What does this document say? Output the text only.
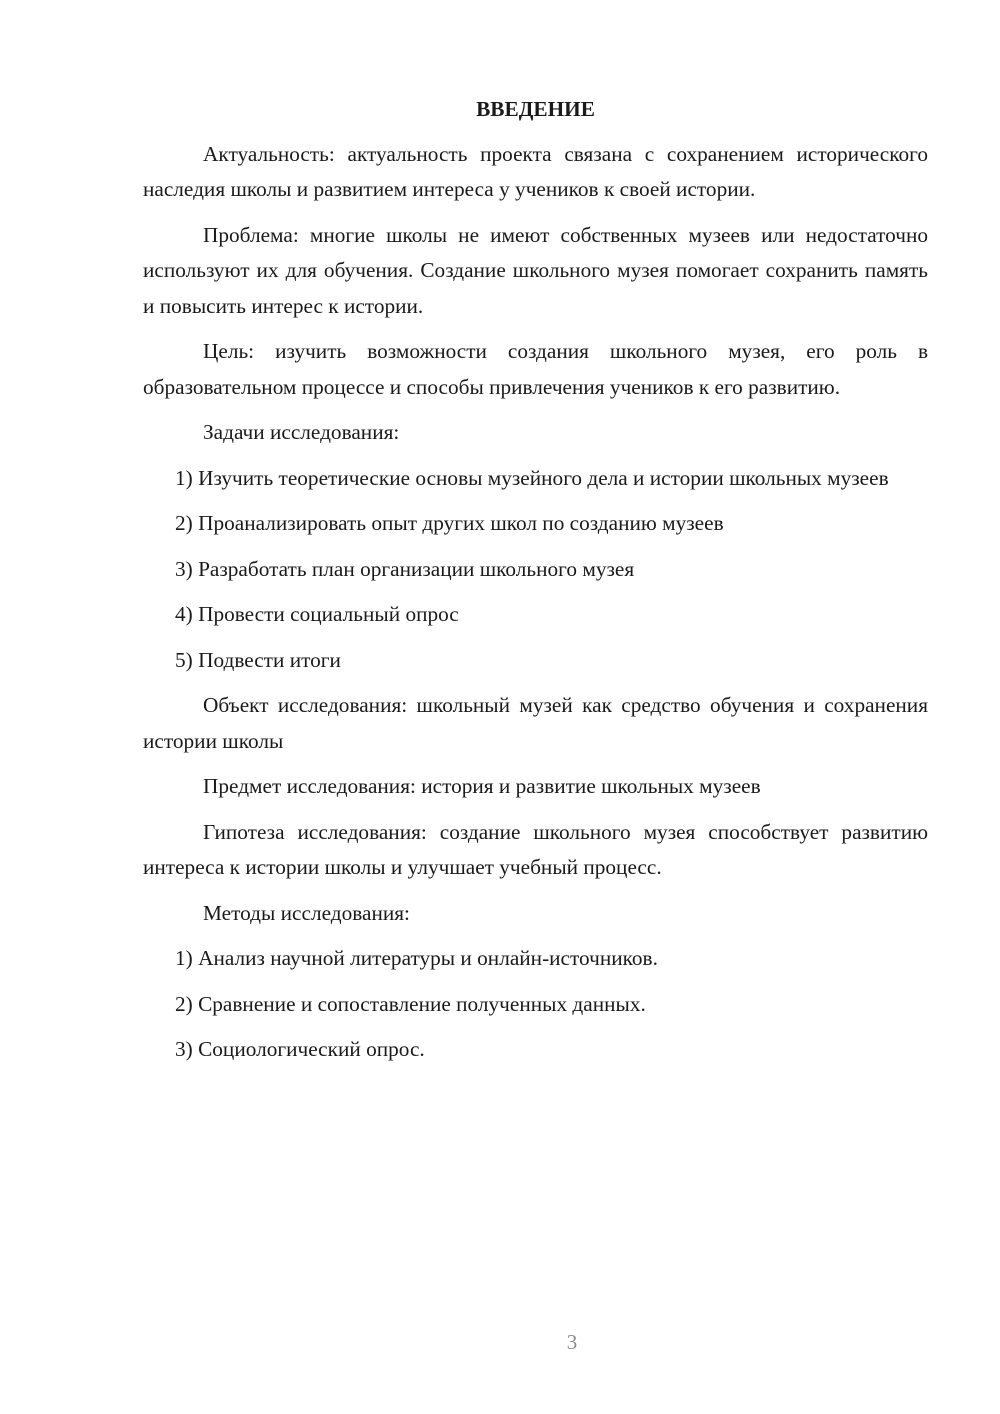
ВВЕДЕНИЕ
Актуальность: актуальность проекта связана с сохранением исторического наследия школы и развитием интереса у учеников к своей истории.
Проблема: многие школы не имеют собственных музеев или недостаточно используют их для обучения. Создание школьного музея помогает сохранить память и повысить интерес к истории.
Цель: изучить возможности создания школьного музея, его роль в образовательном процессе и способы привлечения учеников к его развитию.
Задачи исследования:
1) Изучить теоретические основы музейного дела и истории школьных музеев
2) Проанализировать опыт других школ по созданию музеев
3) Разработать план организации школьного музея
4) Провести социальный опрос
5) Подвести итоги
Объект исследования: школьный музей как средство обучения и сохранения истории школы
Предмет исследования: история и развитие школьных музеев
Гипотеза исследования: создание школьного музея способствует развитию интереса к истории школы и улучшает учебный процесс.
Методы исследования:
1) Анализ научной литературы и онлайн-источников.
2) Сравнение и сопоставление полученных данных.
3) Социологический опрос.
3
